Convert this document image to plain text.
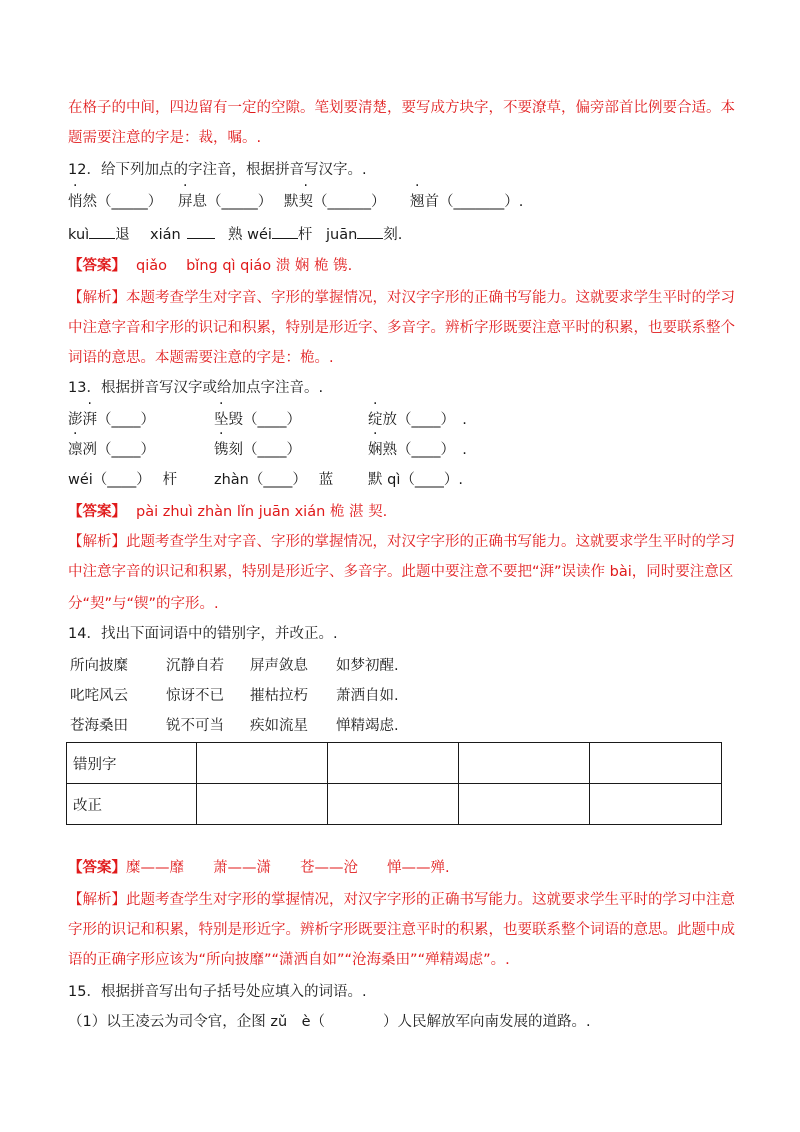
在格子的中间，四边留有一定的空隙。笔划要清楚，要写成方块字，不要潦草，偏旁部首比例要合适。本
题需要注意的字是：裁，嘱。.
12．给下列加点的字注音，根据拼音写汉字。.
悄然（_____） 屏息（_____） 默契（______） 翘首（_______）.
kuì 退 xián	熟 wéi 杆 juān 刻.
【答案】 qiǎo　 bǐng qì qiáo 溃 娴 桅 镌.
【解析】本题考查学生对字音、字形的掌握情况，对汉字字形的正确书写能力。这就要求学生平时的学习
中注意字音和字形的识记和积累，特别是形近字、多音字。辨析字形既要注意平时的积累，也要联系整个
词语的意思。本题需要注意的字是：桅。.
13．根据拼音写汉字或给加点字注音。.
澎湃（____）	坠毁（____）	绽放（____）　.
凛冽（____）	镌刻（____）	娴熟（____）　.
wéi（____）　 杆	zhàn（____）　 蓝 默 qì（____）.
【答案】 pài zhuì zhàn lǐn juān xián 桅 湛 契.
【解析】此题考查学生对字音、字形的掌握情况，对汉字字形的正确书写能力。这就要求学生平时的学习
中注意字音的识记和积累，特别是形近字、多音字。此题中要注意不要把“湃”误读作 bài，同时要注意区
分“契”与“锲”的字形。.
14．找出下面词语中的错别字，并改正。.
所向披糜	沉静自若 屏声敛息 如梦初醒.
叱咤风云	惊讶不已 摧枯拉朽 萧洒自如.
苍海桑田	锐不可当 疾如流星 惮精竭虑.
错别字				
改正				
【答案】糜——靡　　萧——潇　　苍——沧　　惮——殚.
【解析】此题考查学生对字形的掌握情况，对汉字字形的正确书写能力。这就要求学生平时的学习中注意
字形的识记和积累，特别是形近字。辨析字形既要注意平时的积累，也要联系整个词语的意思。此题中成
语的正确字形应该为“所向披靡”“潇洒自如”“沧海桑田”“殚精竭虑”。.
15．根据拼音写出句子括号处应填入的词语。.
（1）以王凌云为司令官，企图 zǔ　è（　　　　）人民解放军向南发展的道路。.
